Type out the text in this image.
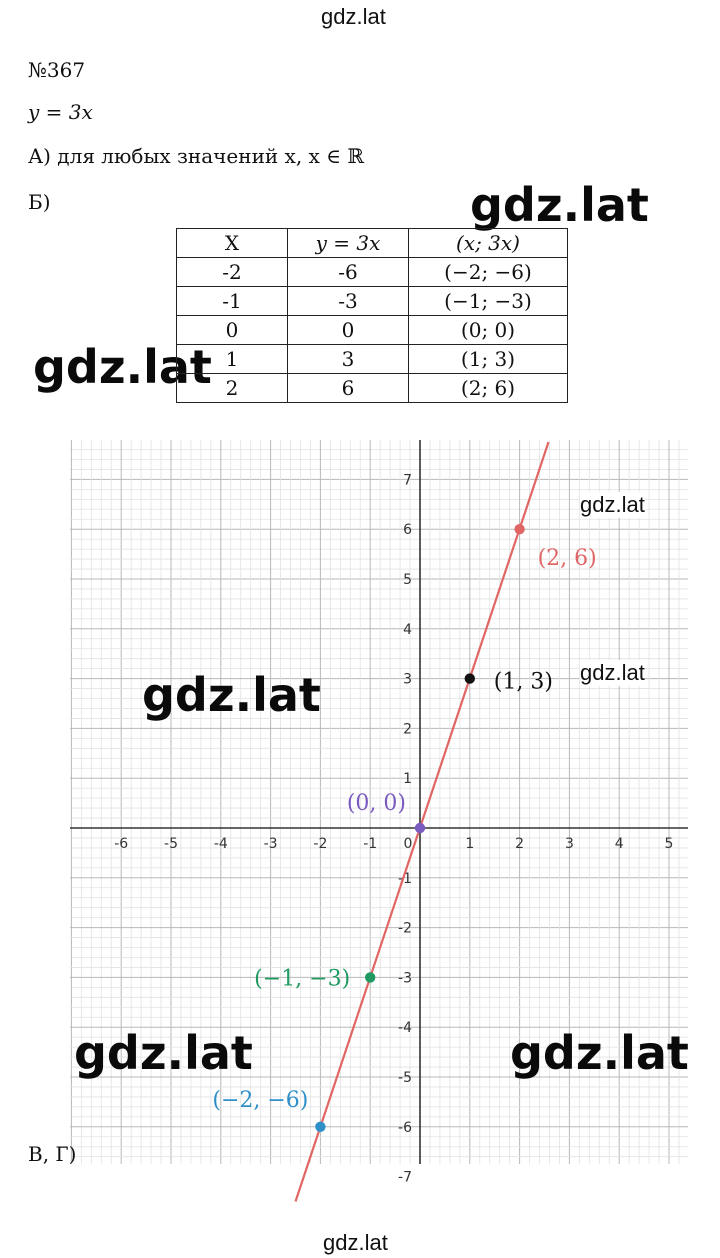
gdz.lat
gdz.lat
gdz.lat
№367
y = 3x
А) для любых значений x, x ∈ ℝ
Б)
X	y = 3x	(x; 3x)
-2	-6	(−2; −6)
-1	-3	(−1; −3)
0	0	(0; 0)
1	3	(1; 3)
2	6	(2; 6)
-6	-5	-4	-3	-2	-1 0	1	2	3	4	5
-7
-6
-5
-4
-3
-2
-1
1
2
3
4
5
6
7
(2, 6)
(1, 3)
(0, 0)
(−1, −3)
(−2, −6)
gdz.lat
gdz.lat
gdz.lat
gdz.lat	gdz.lat
В, Г)
gdz.lat
